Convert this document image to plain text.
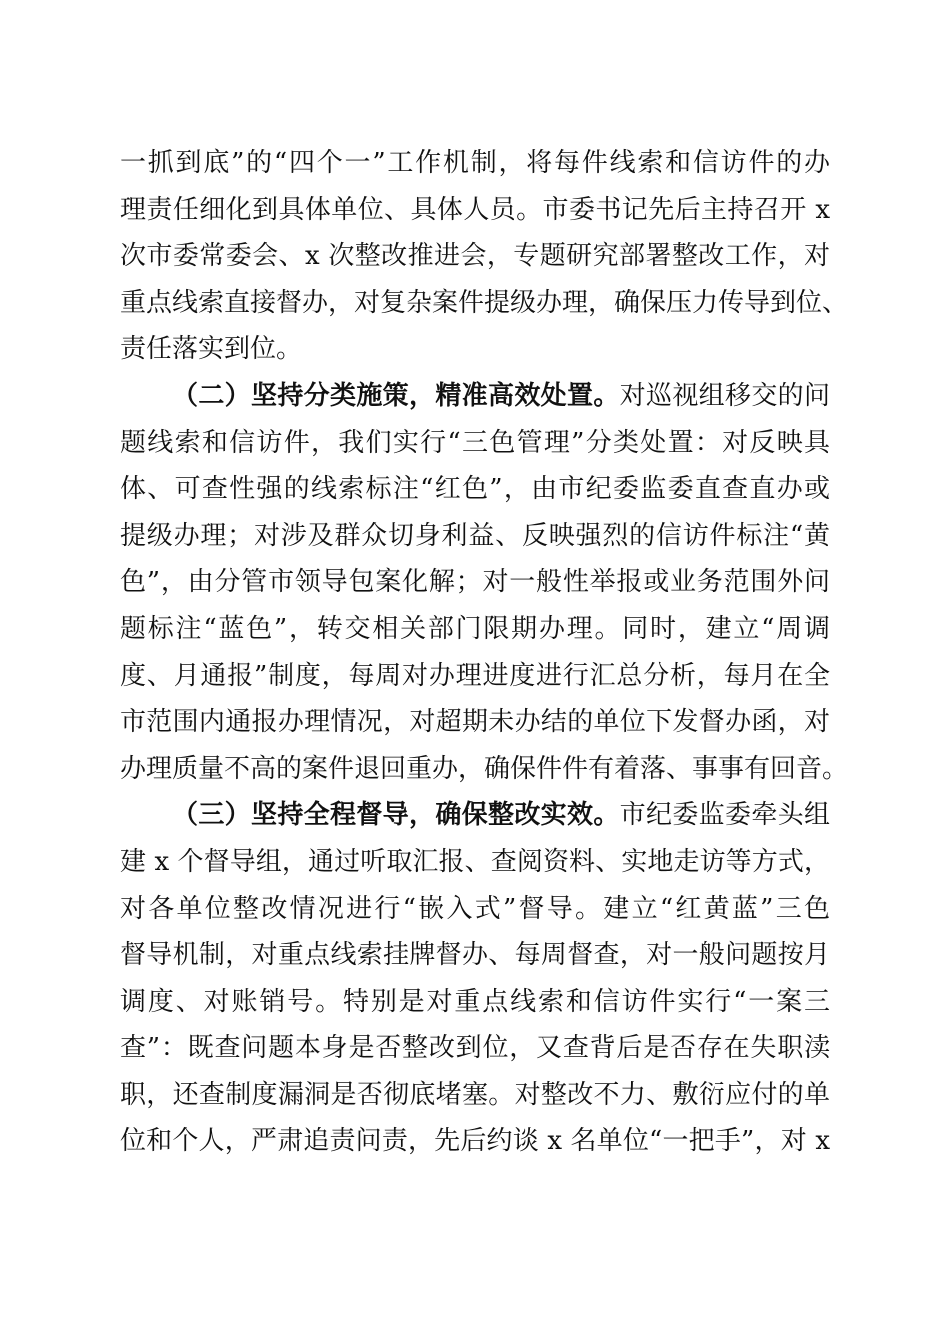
一抓到底”的“四个一”工作机制，将每件线索和信访件的办
理责任细化到具体单位、具体人员。市委书记先后主持召开 x
次市委常委会、x 次整改推进会，专题研究部署整改工作，对
重点线索直接督办，对复杂案件提级办理，确保压力传导到位、
责任落实到位。
（二）坚持分类施策，精准高效处置。对巡视组移交的问
题线索和信访件，我们实行“三色管理”分类处置：对反映具
体、可查性强的线索标注“红色”，由市纪委监委直查直办或
提级办理；对涉及群众切身利益、反映强烈的信访件标注“黄
色”，由分管市领导包案化解；对一般性举报或业务范围外问
题标注“蓝色”，转交相关部门限期办理。同时，建立“周调
度、月通报”制度，每周对办理进度进行汇总分析，每月在全
市范围内通报办理情况，对超期未办结的单位下发督办函，对
办理质量不高的案件退回重办，确保件件有着落、事事有回音。
（三）坚持全程督导，确保整改实效。市纪委监委牵头组
建 x 个督导组，通过听取汇报、查阅资料、实地走访等方式，
对各单位整改情况进行“嵌入式”督导。建立“红黄蓝”三色
督导机制，对重点线索挂牌督办、每周督查，对一般问题按月
调度、对账销号。特别是对重点线索和信访件实行“一案三
查”：既查问题本身是否整改到位，又查背后是否存在失职渎
职，还查制度漏洞是否彻底堵塞。对整改不力、敷衍应付的单
位和个人，严肃追责问责，先后约谈 x 名单位“一把手”，对 x
